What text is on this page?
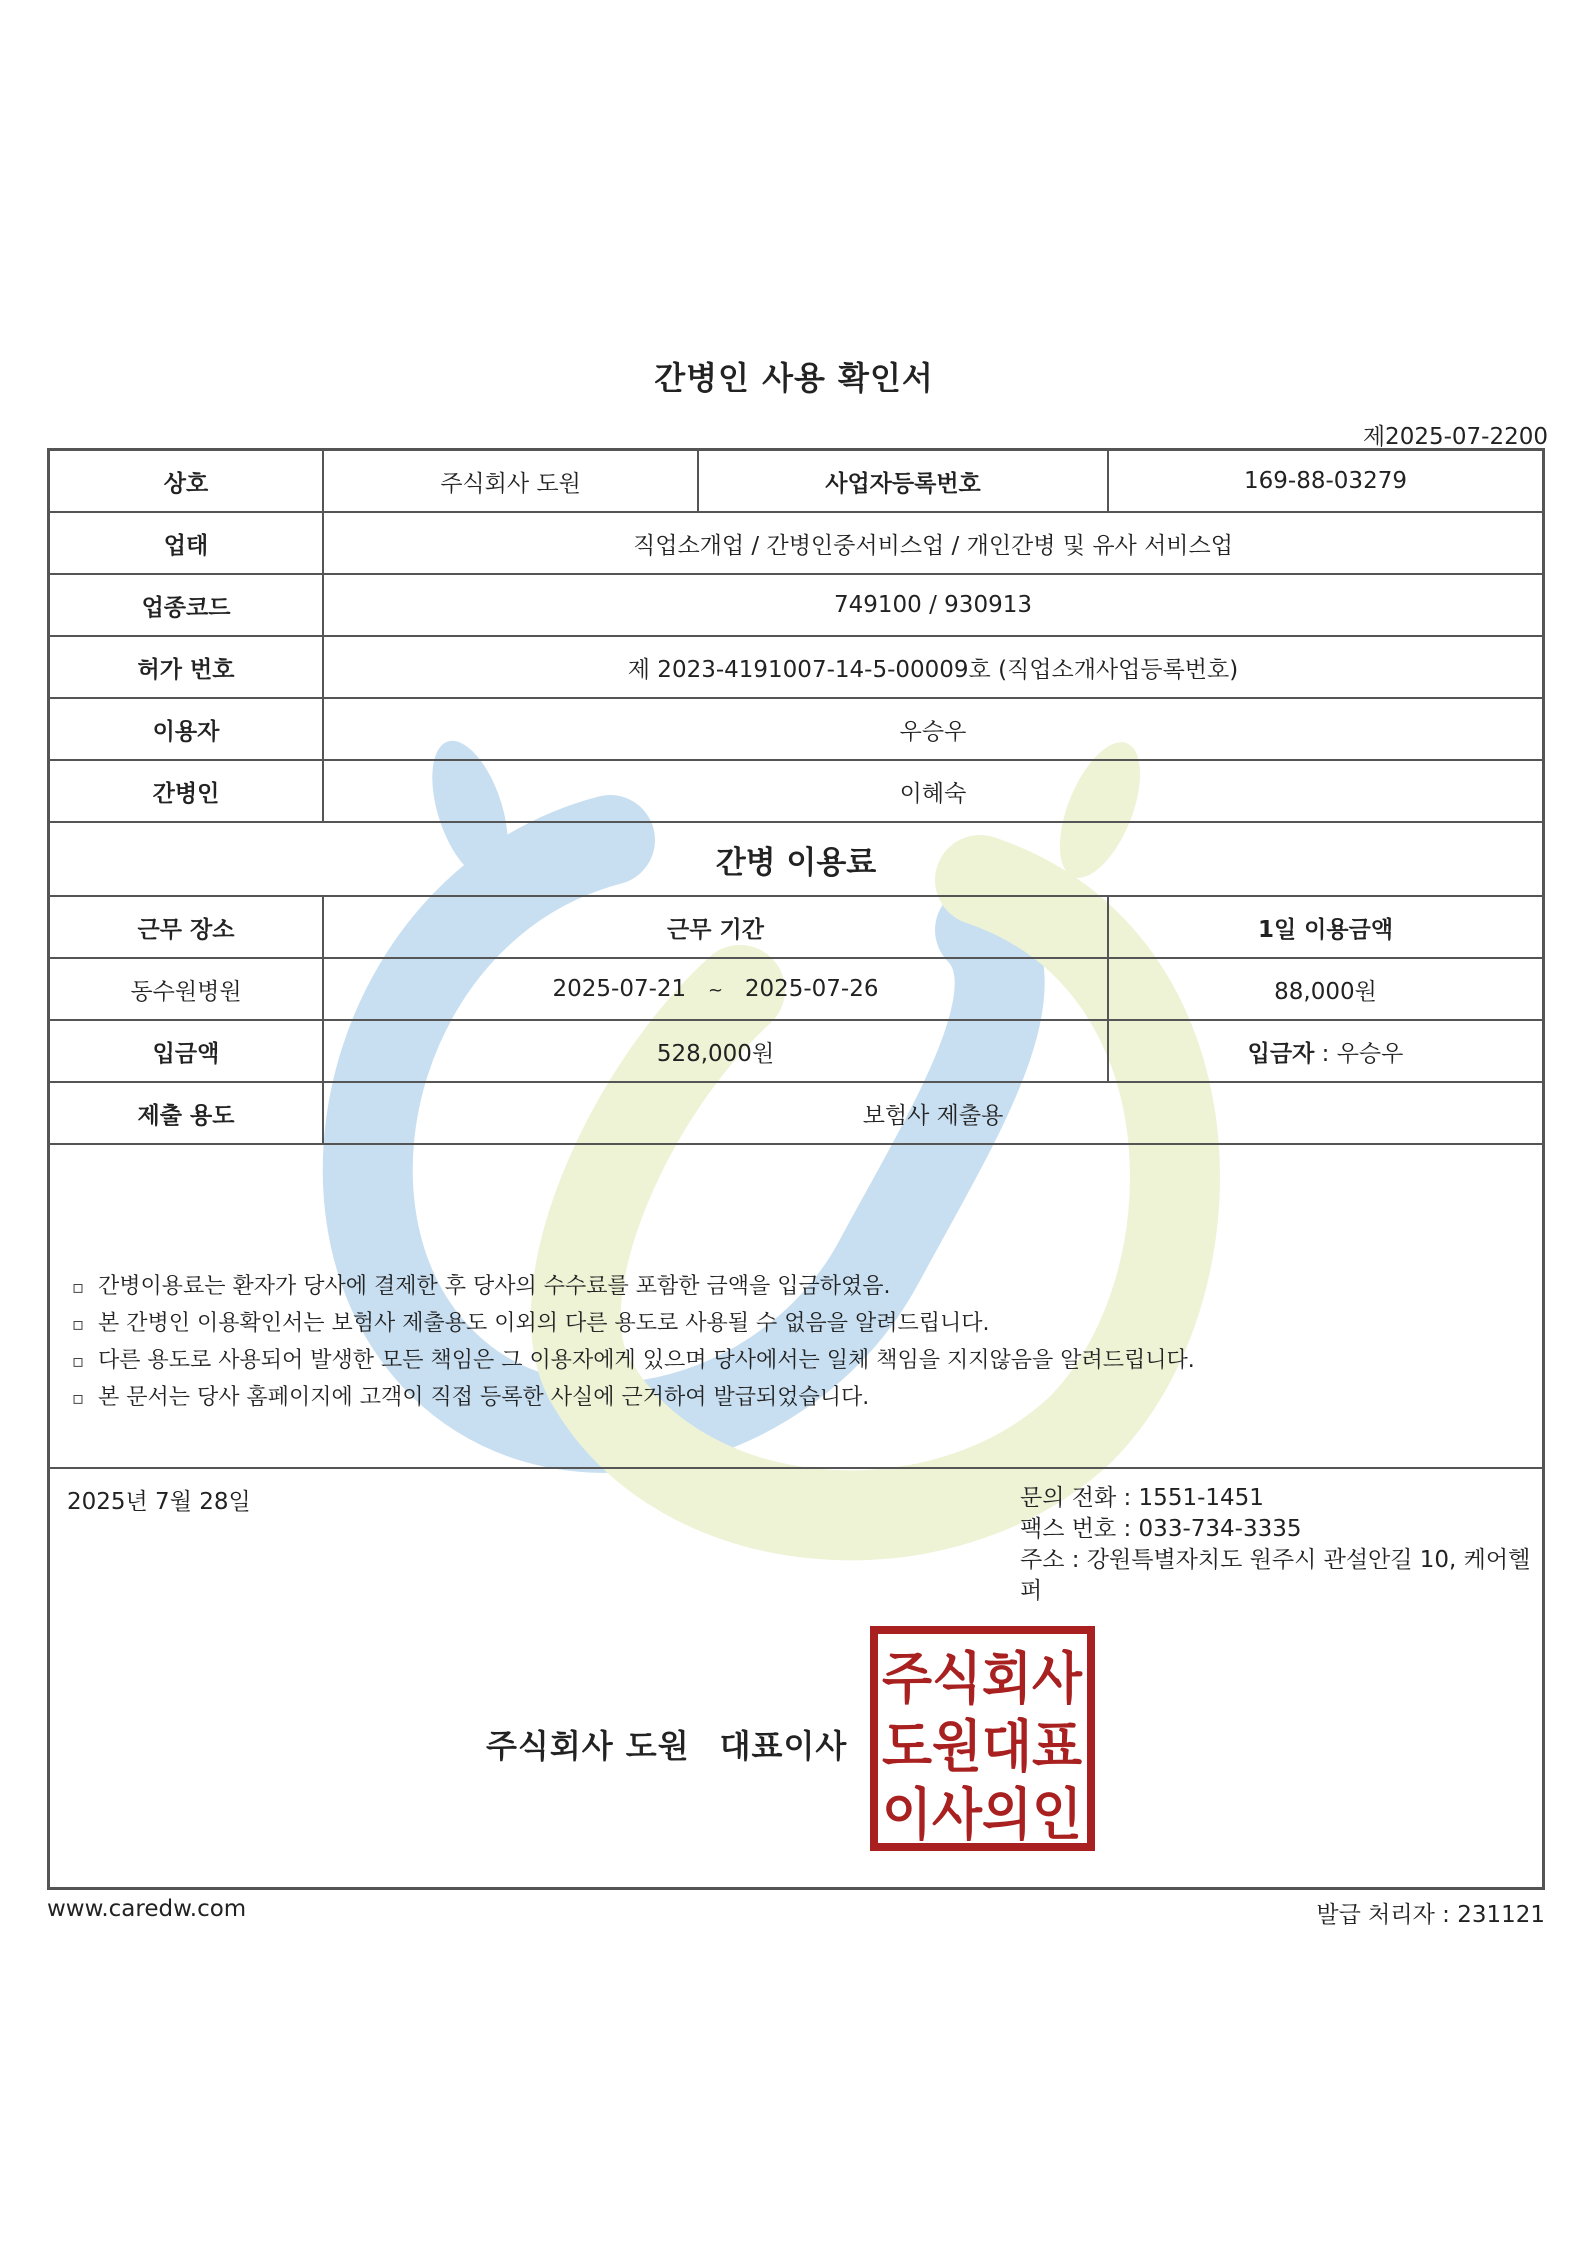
간병인 사용 확인서
제2025-07-2200
상호	주식회사 도원	사업자등록번호	169-88-03279
업태	직업소개업 / 간병인중서비스업 / 개인간병 및 유사 서비스업		
업종코드	749100 / 930913		
허가 번호	제 2023-4191007-14-5-00009호 (직업소개사업등록번호)		
이용자	우승우		
간병인	이혜숙		
간병 이용료			
근무 장소	근무 기간		1일 이용금액
동수원병원	2025-07-21 ~ 2025-07-26		88,000원
입금액	528,000원		입금자 : 우승우
제출 용도	보험사 제출용		
▫ 간병이용료는 환자가 당사에 결제한 후 당사의 수수료를 포함한 금액을 입금하였음.
▫ 본 간병인 이용확인서는 보험사 제출용도 이외의 다른 용도로 사용될 수 없음을 알려드립니다.
▫ 다른 용도로 사용되어 발생한 모든 책임은 그 이용자에게 있으며 당사에서는 일체 책임을 지지않음을 알려드립니다.
▫ 본 문서는 당사 홈페이지에 고객이 직접 등록한 사실에 근거하여 발급되었습니다.
2025년 7월 28일	문의 전화 : 1551-1451
팩스 번호 : 033-734-3335
주소 : 강원특별자치도 원주시 관설안길 10, 케어헬퍼
주식회사 도원 대표이사
주식회사
도원대표
이사의인
www.caredw.com	발급 처리자 : 231121
